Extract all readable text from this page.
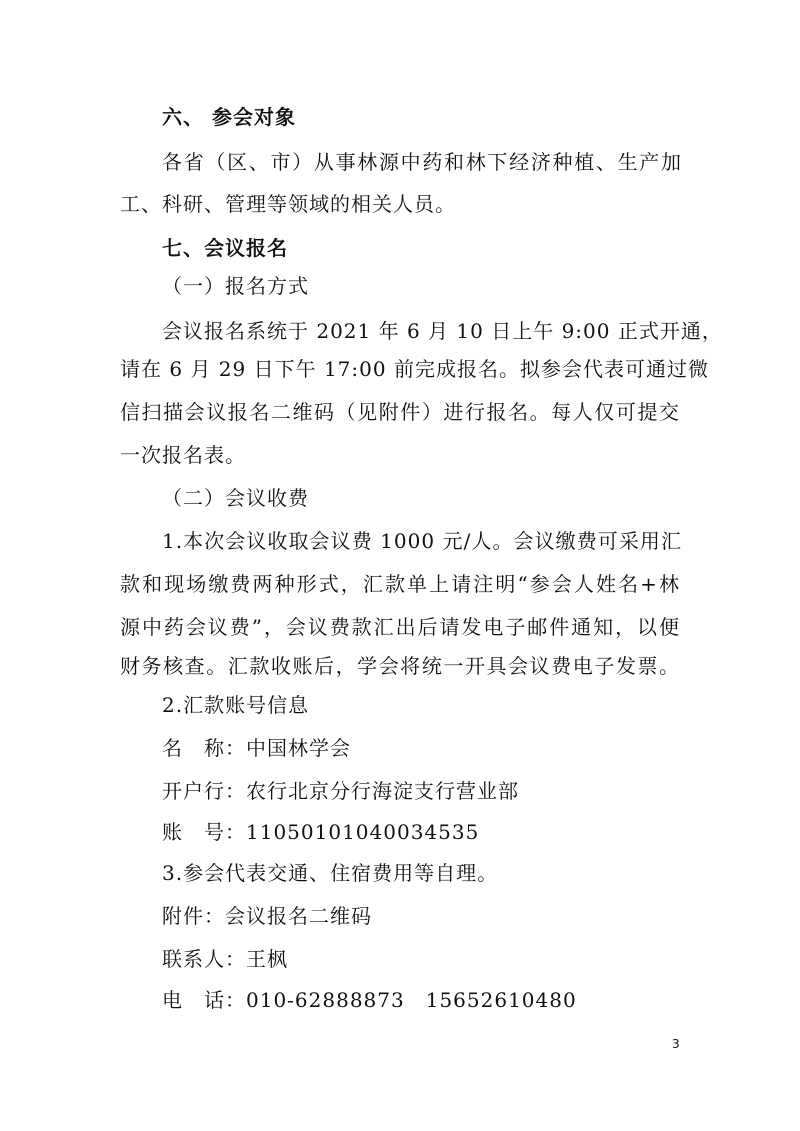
六、 参会对象
各省（区、市）从事林源中药和林下经济种植、生产加
工、科研、管理等领域的相关人员。
七、会议报名
（一）报名方式
会议报名系统于 2021 年 6 月 10 日上午 9:00 正式开通，
请在 6 月 29 日下午 17:00 前完成报名。拟参会代表可通过微
信扫描会议报名二维码（见附件）进行报名。每人仅可提交
一次报名表。
（二）会议收费
1.本次会议收取会议费 1000 元/人。会议缴费可采用汇
款和现场缴费两种形式，汇款单上请注明“参会人姓名+林
源中药会议费”，会议费款汇出后请发电子邮件通知，以便
财务核查。汇款收账后，学会将统一开具会议费电子发票。
2.汇款账号信息
名　称：中国林学会
开户行：农行北京分行海淀支行营业部
账　号：11050101040034535
3.参会代表交通、住宿费用等自理。
附件：会议报名二维码
联系人：王枫
电　话：010-62888873　15652610480
3
